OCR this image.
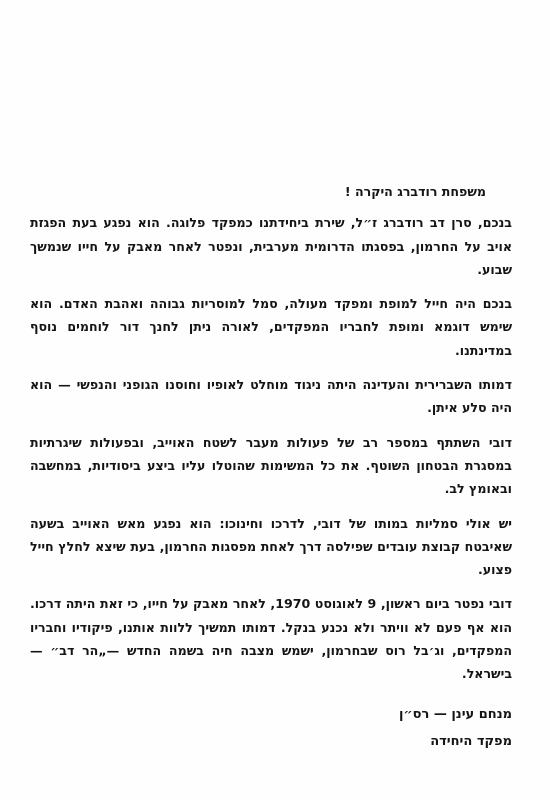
משפחת רודברג היקרה !

בנכם, סרן דב רודברג ז״ל, שירת ביחידתנו כמפקד פלוגה. הוא נפגע בעת הפגזת אויב על החרמון, בפסגתו הדרומית מערבית, ונפטר לאחר מאבק על חייו שנמשך שבוע.

בנכם היה חייל למופת ומפקד מעולה, סמל למוסריות גבוהה ואהבת האדם. הוא שימש דוגמא ומופת לחבריו המפקדים, לאורה ניתן לחנך דור לוחמים נוסף במדינתנו.

דמותו השברירית והעדינה היתה ניגוד מוחלט לאופיו וחוסנו הגופני והנפשי — הוא היה סלע איתן.

דובי השתתף במספר רב של פעולות מעבר לשטח האוייב, ובפעולות שיגרתיות במסגרת הבטחון השוטף. את כל המשימות שהוטלו עליו ביצע ביסודיות, במחשבה ובאומץ לב.

יש אולי סמליות במותו של דובי, לדרכו וחינוכו: הוא נפגע מאש האוייב בשעה שאיבטח קבוצת עובדים שפילסה דרך לאחת מפסגות החרמון, בעת שיצא לחלץ חייל פצוע.

דובי נפטר ביום ראשון, 9 לאוגוסט 1970, לאחר מאבק על חייו, כי זאת היתה דרכו. הוא אף פעם לא וויתר ולא נכנע בנקל. דמותו תמשיך ללוות אותנו, פיקודיו וחבריו המפקדים, וג׳בל רוס שבחרמון, ישמש מצבה חיה בשמה החדש —„הר דב״ — בישראל.

מנחם עינן — רס״ן

מפקד היחידה
